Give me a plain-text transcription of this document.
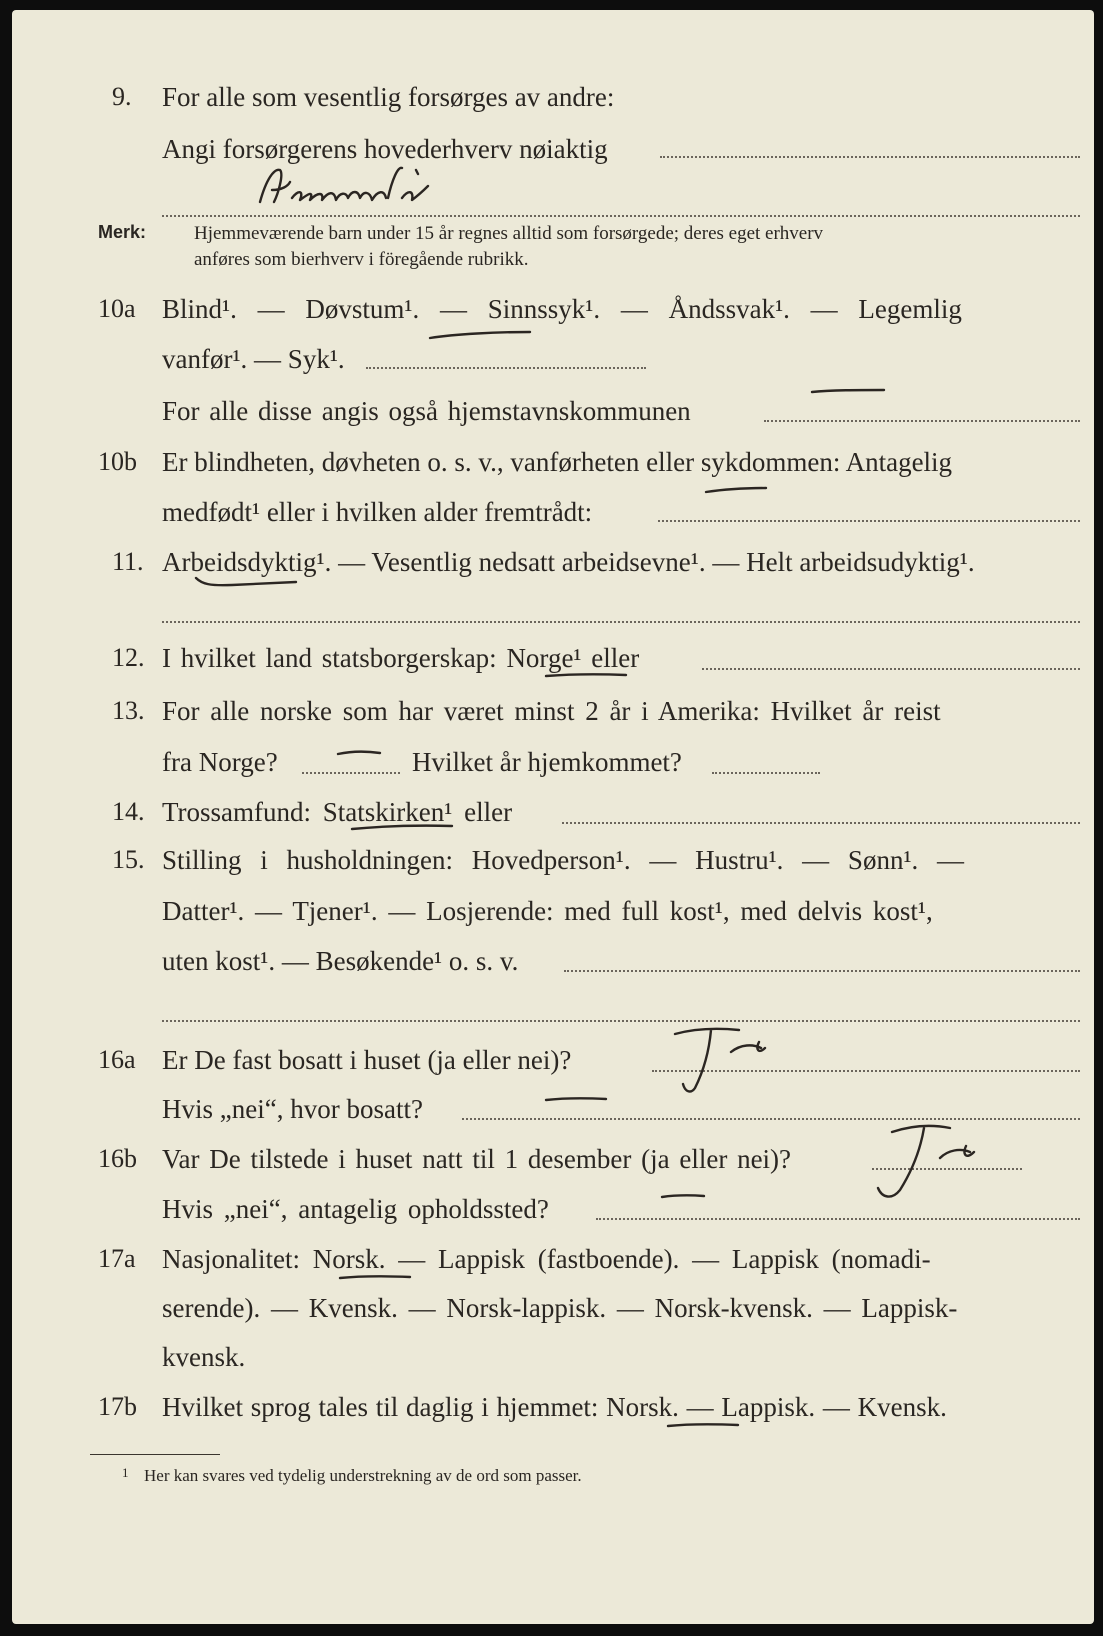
9. For alle som vesentlig forsørges av andre:
Angi forsørgerens hovederhverv nøiaktig
Merk:	Hjemmeværende barn under 15 år regnes alltid som forsørgede; deres eget erhverv
anføres som bierhverv i föregående rubrikk.
10a Blind¹. — Døvstum¹. — Sinnssyk¹. — Åndssvak¹. — Legemlig
vanfør¹. — Syk¹.
For alle disse angis også hjemstavnskommunen
10b Er blindheten, døvheten o. s. v., vanførheten eller sykdommen: Antagelig
medfødt¹ eller i hvilken alder fremtrådt:
11. Arbeidsdyktig¹. — Vesentlig nedsatt arbeidsevne¹. — Helt arbeidsudyktig¹.
12. I hvilket land statsborgerskap: Norge¹ eller
13. For alle norske som har været minst 2 år i Amerika: Hvilket år reist
fra Norge?	Hvilket år hjemkommet?
14. Trossamfund: Statskirken¹ eller
15. Stilling i husholdningen: Hovedperson¹. — Hustru¹. — Sønn¹. —
Datter¹. — Tjener¹. — Losjerende: med full kost¹, med delvis kost¹,
uten kost¹. — Besøkende¹ o. s. v.
16a Er De fast bosatt i huset (ja eller nei)?
Hvis „nei“, hvor bosatt?
16b Var De tilstede i huset natt til 1 desember (ja eller nei)?
Hvis „nei“, antagelig opholdssted?
17a Nasjonalitet: Norsk. — Lappisk (fastboende). — Lappisk (nomadi-
serende). — Kvensk. — Norsk-lappisk. — Norsk-kvensk. — Lappisk-
kvensk.
17b Hvilket sprog tales til daglig i hjemmet: Norsk. — Lappisk. — Kvensk.
1 Her kan svares ved tydelig understrekning av de ord som passer.
